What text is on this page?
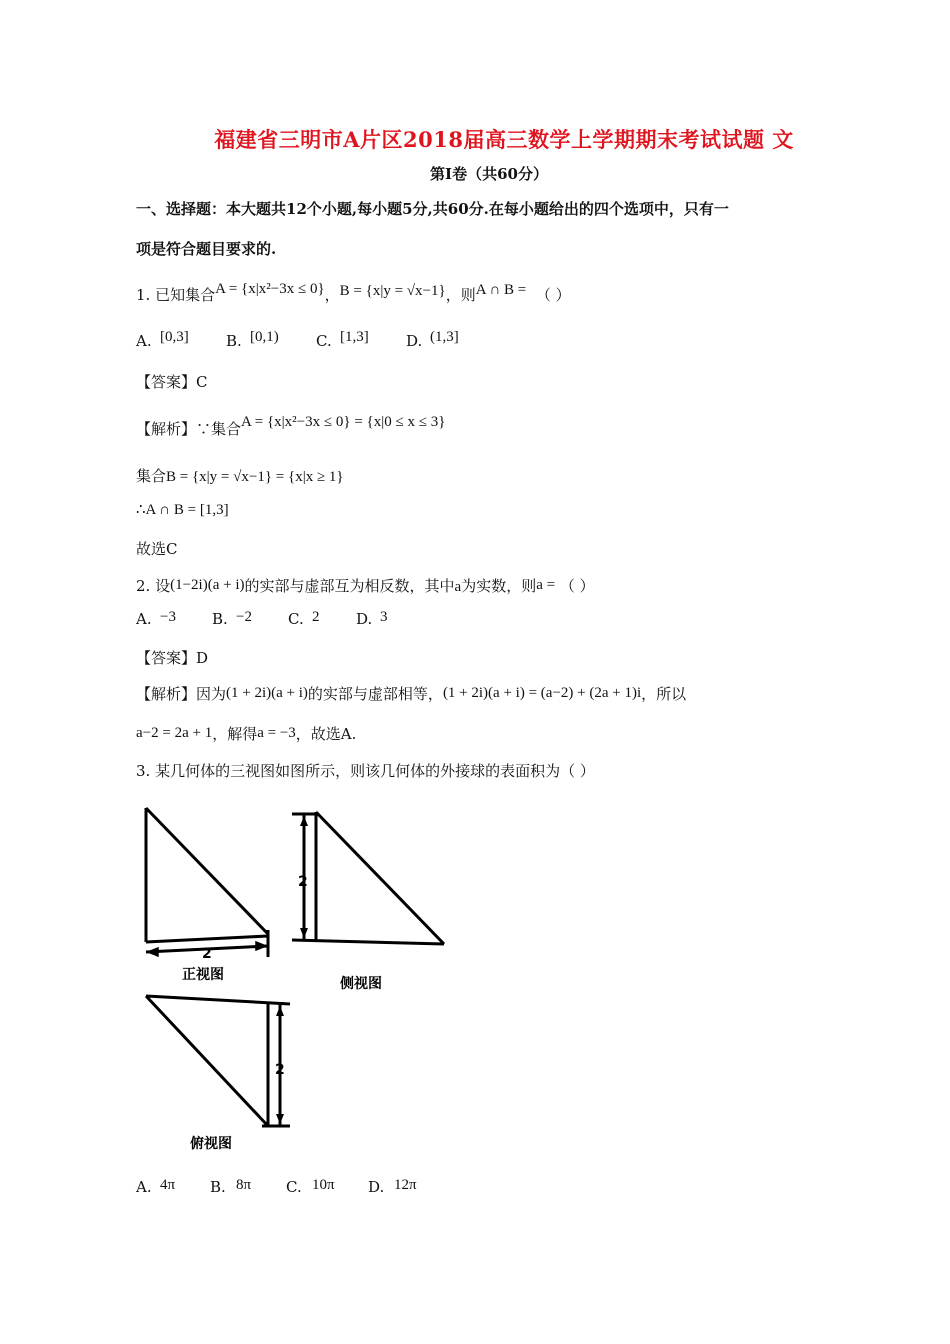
福建省三明市A片区2018届高三数学上学期期末考试试题 文
第Ⅰ卷（共60分）
一、选择题：本大题共12个小题,每小题5分,共60分.在每小题给出的四个选项中，只有一
项是符合题目要求的.
1. 已知集合A = {x|x²−3x ≤ 0}，B = {x|y = √x−1}，则A ∩ B = （ ）
A. [0,3] B. [0,1) C. [1,3] D. (1,3]
【答案】C
【解析】∵集合A = {x|x²−3x ≤ 0} = {x|0 ≤ x ≤ 3}
集合B = {x|y = √x−1} = {x|x ≥ 1}
∴A ∩ B = [1,3]
故选C
2. 设(1−2i)(a + i)的实部与虚部互为相反数，其中a为实数，则a = （ ）
A. −3 B. −2 C. 2 D. 3
【答案】D
【解析】因为(1 + 2i)(a + i)的实部与虚部相等，(1 + 2i)(a + i) = (a−2) + (2a + 1)i，所以
a−2 = 2a + 1，解得a = −3，故选A.
3. 某几何体的三视图如图所示，则该几何体的外接球的表面积为（ ）
2
正视图
2
侧视图
2
俯视图
A. 4π B. 8π C. 10π D. 12π
